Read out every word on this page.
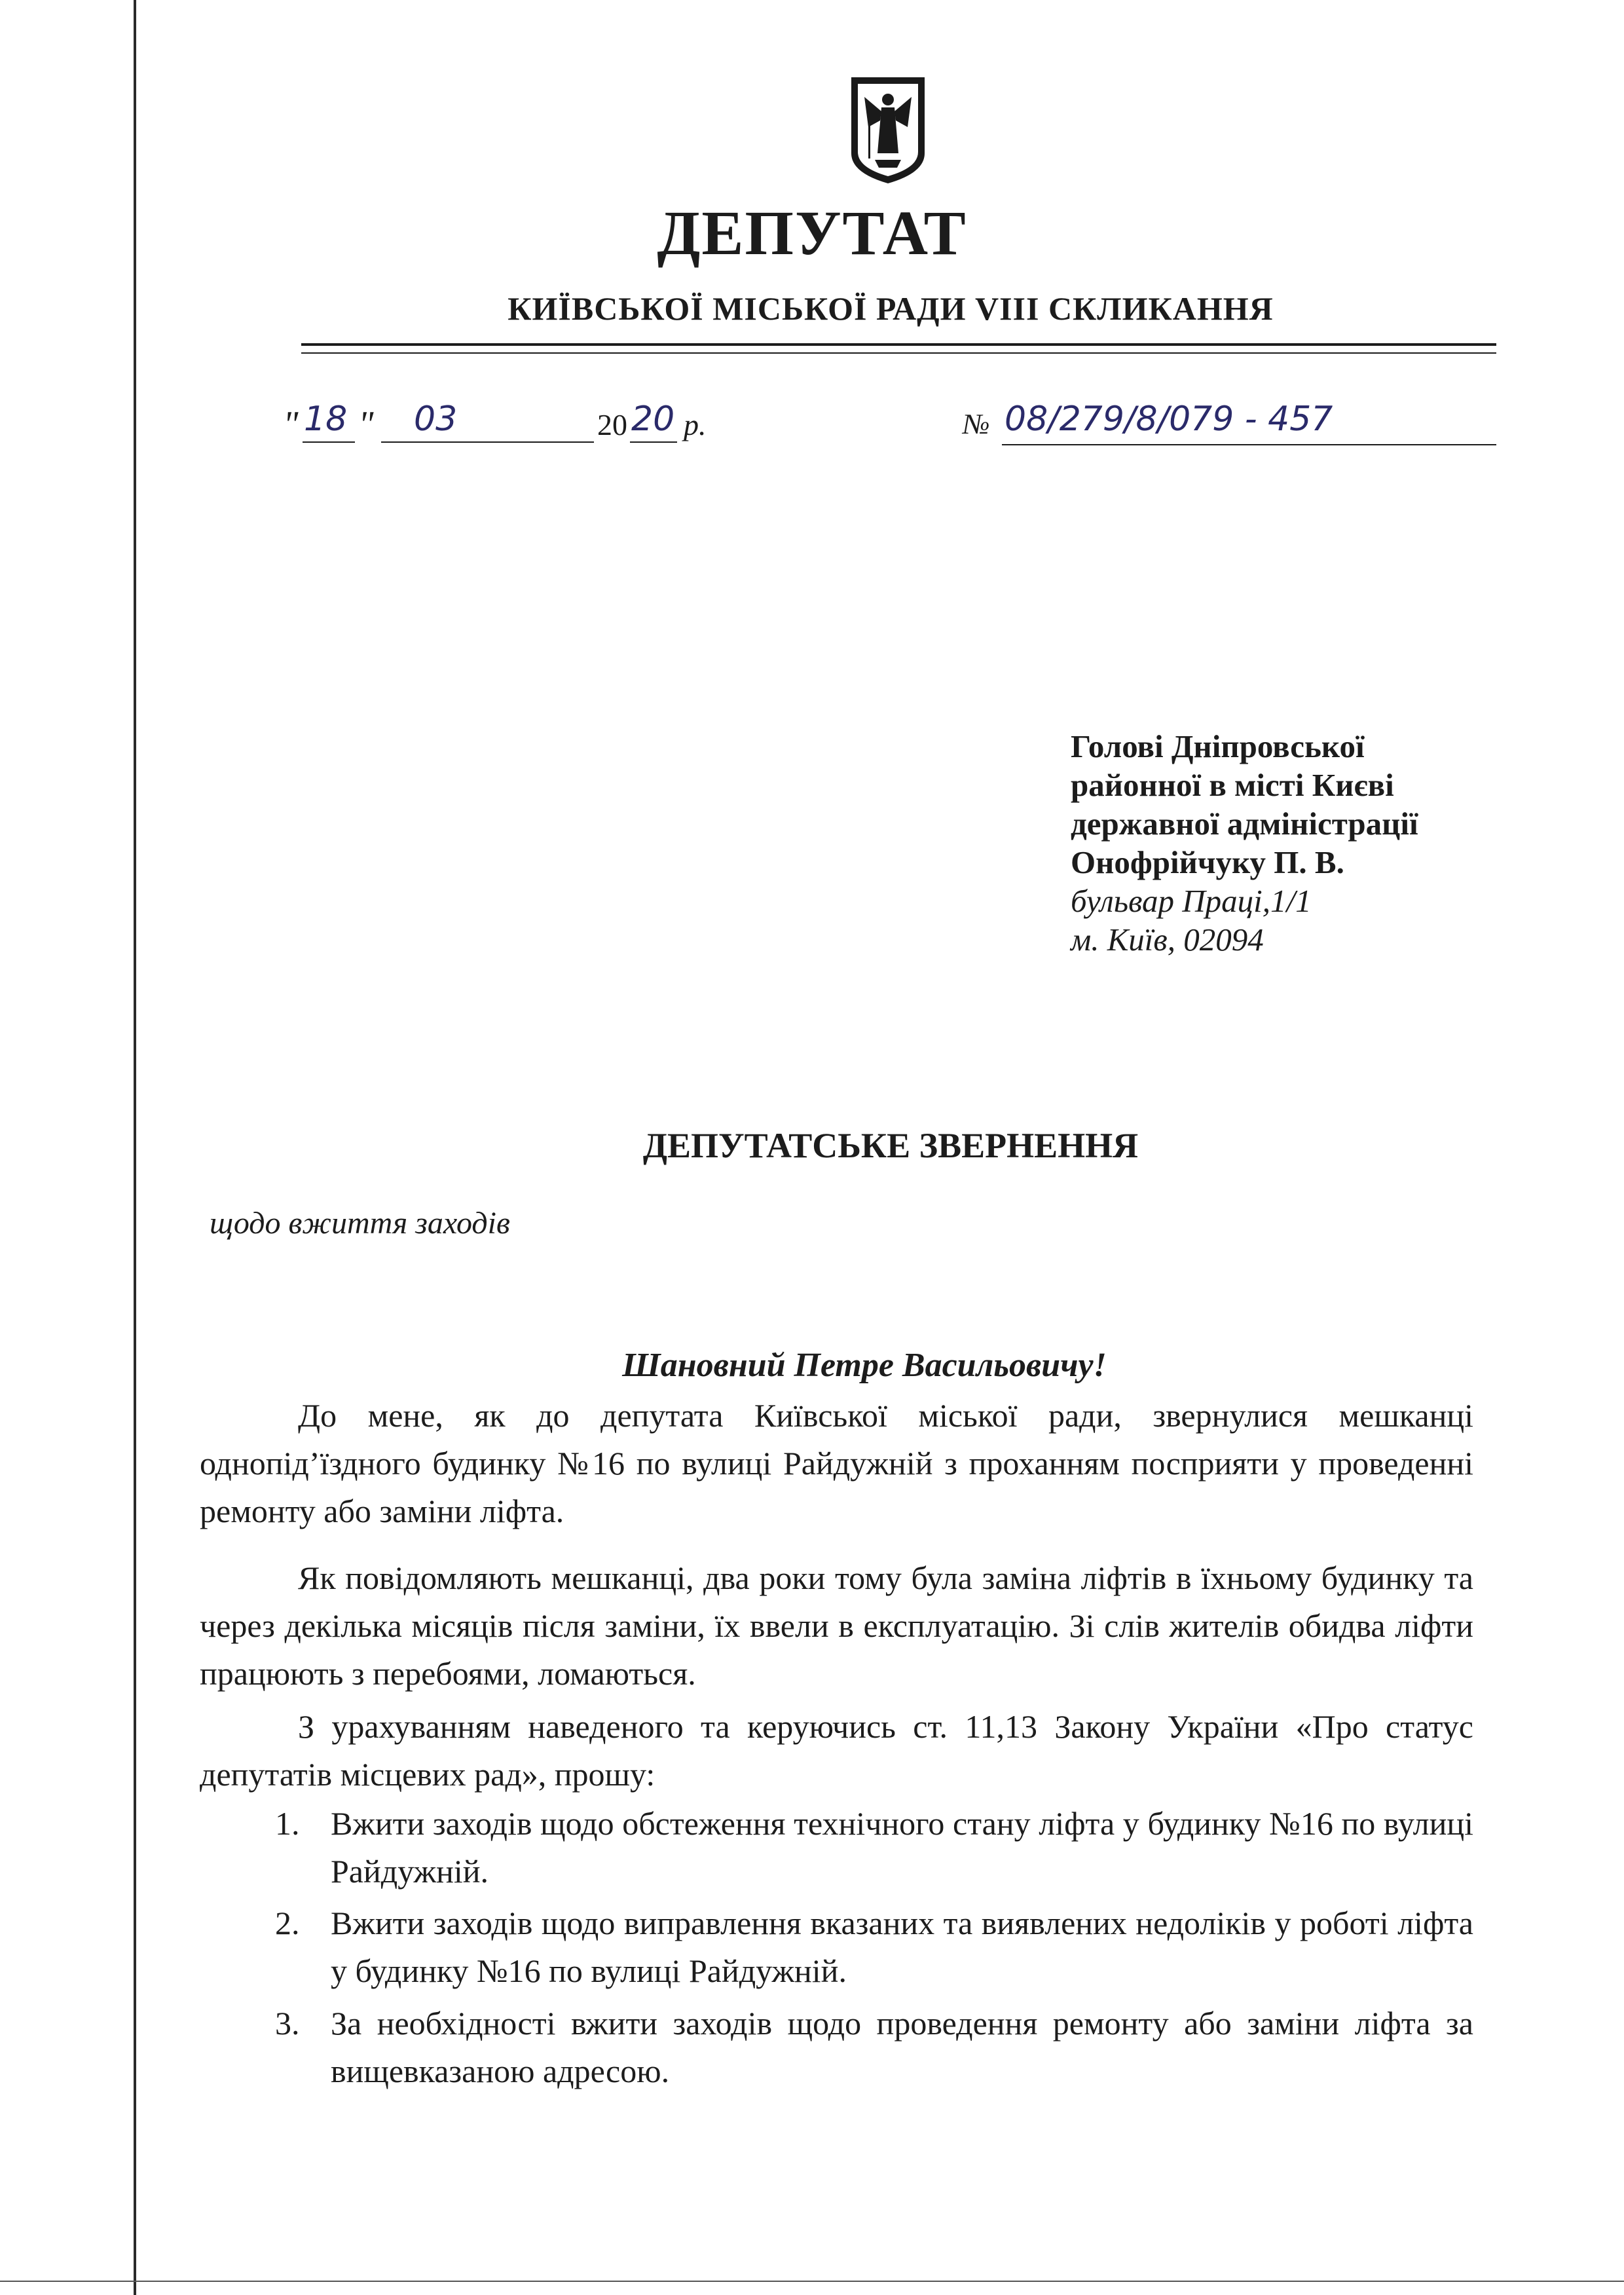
ДЕПУТАТ
КИЇВСЬКОЇ МІСЬКОЇ РАДИ VIII СКЛИКАННЯ
" 18 " 03	20 20 р.	№ 08/279/8/079 - 457
Голові Дніпровської
районної в місті Києві
державної адміністрації
Онофрійчуку П. В.
бульвар Праці,1/1
м. Київ, 02094
ДЕПУТАТСЬКЕ ЗВЕРНЕННЯ
щодо вжиття заходів
Шановний Петре Васильовичу!

До мене, як до депутата Київської міської ради, звернулися мешканці однопід’їздного будинку №16 по вулиці Райдужній з проханням посприяти у проведенні ремонту або заміни ліфта.

Як повідомляють мешканці, два роки тому була заміна ліфтів в їхньому будинку та через декілька місяців після заміни, їх ввели в експлуатацію. Зі слів жителів обидва ліфти працюють з перебоями, ломаються.

З урахуванням наведеного та керуючись ст. 11,13 Закону України «Про статус депутатів місцевих рад», прошу:

1. Вжити заходів щодо обстеження технічного стану ліфта у будинку №16 по вулиці Райдужній.
2. Вжити заходів щодо виправлення вказаних та виявлених недоліків у роботі ліфта у будинку №16 по вулиці Райдужній.
3. За необхідності вжити заходів щодо проведення ремонту або заміни ліфта за вищевказаною адресою.
